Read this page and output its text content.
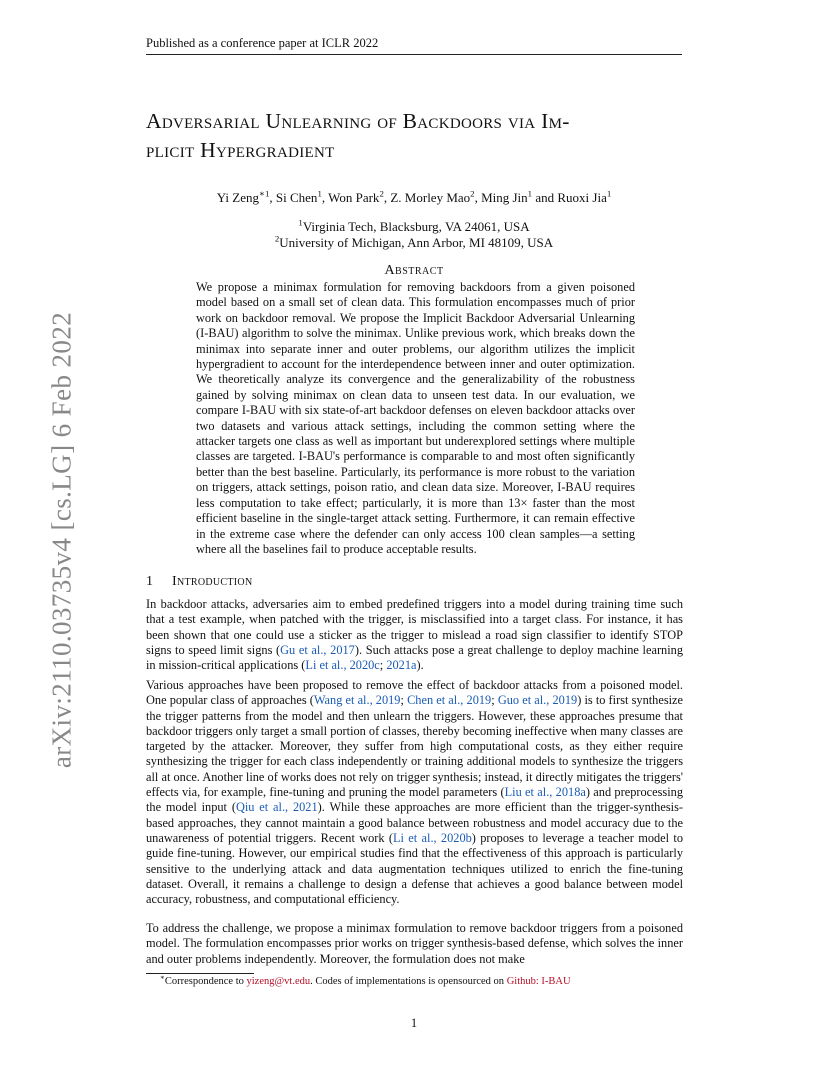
Published as a conference paper at ICLR 2022
arXiv:2110.03735v4 [cs.LG] 6 Feb 2022
Adversarial Unlearning of Backdoors via Im-
plicit Hypergradient
Yi Zeng$^{∗1}$, Si Chen$^1$, Won Park$^2$, Z. Morley Mao$^2$, Ming Jin$^1$ and Ruoxi Jia$^1$
$^1$Virginia Tech, Blacksburg, VA 24061, USA
$^2$University of Michigan, Ann Arbor, MI 48109, USA
Abstract
We propose a minimax formulation for removing backdoors from a given poisoned model based on a small set of clean data. This formulation encompasses much of prior work on backdoor removal. We propose the Implicit Backdoor Adversarial Unlearning (I-BAU) algorithm to solve the minimax. Unlike previous work, which breaks down the minimax into separate inner and outer problems, our algorithm utilizes the implicit hypergradient to account for the interdependence between inner and outer optimization. We theoretically analyze its convergence and the generalizability of the robustness gained by solving minimax on clean data to unseen test data. In our evaluation, we compare I-BAU with six state-of-art backdoor defenses on eleven backdoor attacks over two datasets and various attack settings, including the common setting where the attacker targets one class as well as important but underexplored settings where multiple classes are targeted. I-BAU's performance is comparable to and most often significantly better than the best baseline. Particularly, its performance is more robust to the variation on triggers, attack settings, poison ratio, and clean data size. Moreover, I-BAU requires less computation to take effect; particularly, it is more than 13× faster than the most efficient baseline in the single-target attack setting. Furthermore, it can remain effective in the extreme case where the defender can only access 100 clean samples—a setting where all the baselines fail to produce acceptable results.
1 Introduction

In backdoor attacks, adversaries aim to embed predefined triggers into a model during training time such that a test example, when patched with the trigger, is misclassified into a target class. For instance, it has been shown that one could use a sticker as the trigger to mislead a road sign classifier to identify STOP signs to speed limit signs (Gu et al., 2017). Such attacks pose a great challenge to deploy machine learning in mission-critical applications (Li et al., 2020c; 2021a).

Various approaches have been proposed to remove the effect of backdoor attacks from a poisoned model. One popular class of approaches (Wang et al., 2019; Chen et al., 2019; Guo et al., 2019) is to first synthesize the trigger patterns from the model and then unlearn the triggers. However, these approaches presume that backdoor triggers only target a small portion of classes, thereby becoming ineffective when many classes are targeted by the attacker. Moreover, they suffer from high computational costs, as they either require synthesizing the trigger for each class independently or training additional models to synthesize the triggers all at once. Another line of works does not rely on trigger synthesis; instead, it directly mitigates the triggers' effects via, for example, fine-tuning and pruning the model parameters (Liu et al., 2018a) and preprocessing the model input (Qiu et al., 2021). While these approaches are more efficient than the trigger-synthesis-based approaches, they cannot maintain a good balance between robustness and model accuracy due to the unawareness of potential triggers. Recent work (Li et al., 2020b) proposes to leverage a teacher model to guide fine-tuning. However, our empirical studies find that the effectiveness of this approach is particularly sensitive to the underlying attack and data augmentation techniques utilized to enrich the fine-tuning dataset. Overall, it remains a challenge to design a defense that achieves a good balance between model accuracy, robustness, and computational efficiency.

To address the challenge, we propose a minimax formulation to remove backdoor triggers from a poisoned model. The formulation encompasses prior works on trigger synthesis-based defense, which solves the inner and outer problems independently. Moreover, the formulation does not make

∗Correspondence to yizeng@vt.edu. Codes of implementations is opensourced on Github: I-BAU
1
